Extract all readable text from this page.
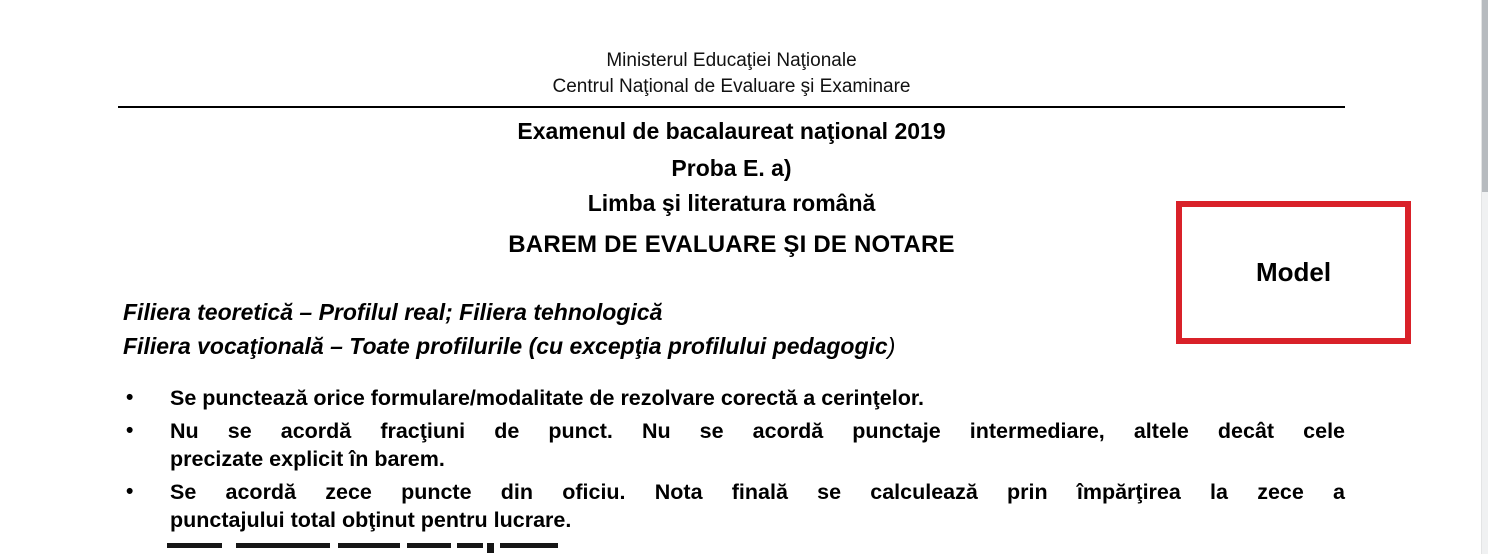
Ministerul Educaţiei Naţionale
Centrul Naţional de Evaluare şi Examinare
Examenul de bacalaureat naţional 2019
Proba E. a)
Limba şi literatura română
BAREM DE EVALUARE ŞI DE NOTARE
Model
Filiera teoretică – Profilul real; Filiera tehnologică
Filiera vocaţională – Toate profilurile (cu excepţia profilului pedagogic)
•	Se punctează orice formulare/modalitate de rezolvare corectă a cerinţelor.
•	Nu se acordă fracţiuni de punct. Nu se acordă punctaje intermediare, altele decât cele
precizate explicit în barem.
•	Se acordă zece puncte din oficiu. Nota finală se calculează prin împărţirea la zece a
punctajului total obţinut pentru lucrare.
